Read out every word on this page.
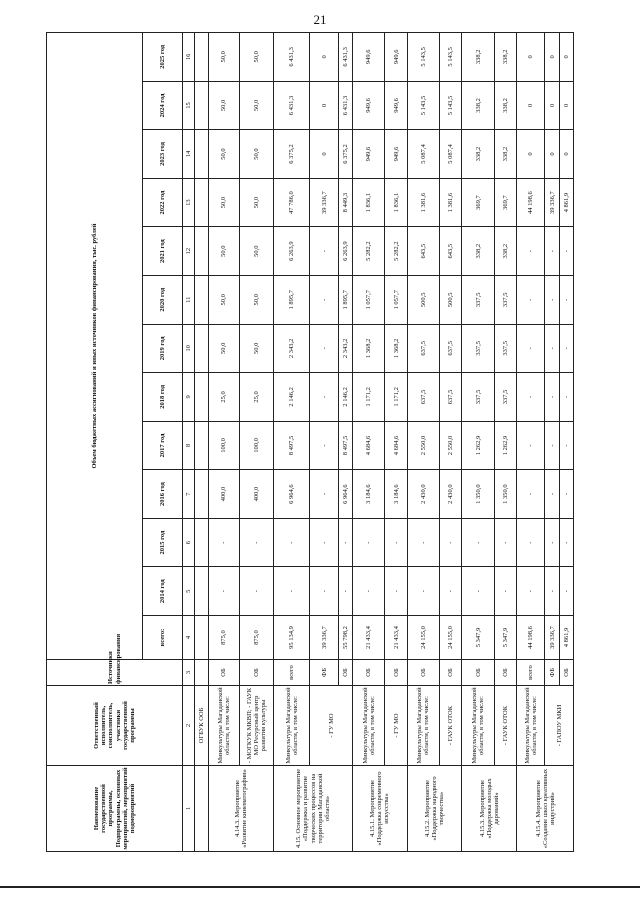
21
Наименование государственной программы, Подпрограммы, основных мероприятий, мероприятий подмероприятий	Ответственный исполнитель, соисполнитель, участники государственной программы	Источники финансирования	Объем бюджетных ассигнований и иных источников финансирования, тыс. рублей												
			всего:	2014 год	2015 год	2016 год	2017 год	2018 год	2019 год	2020 год	2021 год	2022 год	2023 год	2024 год	2025 год
1	2	3	4	5	6	7	8	9	10	11	12	13	14	15	16
	ОГБУК ООБ														
4.14.3. Мероприятие «Развитие кинематографии»	Минкультуры Магаданской области, в том числе:	ОБ	875,0	-	-	400,0	100,0	25,0	50,0	50,0	50,0	50,0	50,0	50,0	50,0
	- МОГКУК МКВП; - ГАУК МО Ресурсный центр развития культуры	ОБ	875,0	-	-	400,0	100,0	25,0	50,0	50,0	50,0	50,0	50,0	50,0	50,0
4.15. Основное мероприятие «Поддержка и развитие творческих процессов на территории Магаданской области»	Минкультуры Магаданской области, в том числе:	всего	95 134,9	-	-	6 964,6	8 497,5	2 146,2	2 343,2	1 895,7	6 263,9	47 786,0	6 375,2	6 431,3	6 431,3
	- ГУ МО	ФБ	39 336,7	-	-	-	-	-	-	-	-	39 336,7	0	0	0
		ОБ	55 798,2	-	-	6 964,6	8 497,5	2 146,2	2 343,2	1 895,7	6 263,9	8 449,3	6 375,2	6 431,3	6 431,3
4.15.1. Мероприятие «Поддержка современного искусства»	Минкультуры Магаданской области, в том числе:	ОБ	21 433,4	-	-	3 184,6	4 684,6	1 171,2	1 368,2	1 057,7	5 282,2	1 836,1	949,6	949,6	949,6
	- ГУ МО	ОБ	21 433,4	-	-	3 184,6	4 684,6	1 171,2	1 368,2	1 057,7	5 282,2	1 836,1	949,6	949,6	949,6
4.15.2. Мероприятие «Поддержка народного творчества»	Минкультуры Магаданской области, в том числе:	ОБ	24 155,0	-	-	2 430,0	2 550,0	637,5	637,5	500,5	643,5	1 381,6	5 087,4	5 143,5	5 143,5
	- ГАУК ОТОК	ОБ	24 155,0	-	-	2 430,0	2 550,0	637,5	637,5	500,5	643,5	1 381,6	5 087,4	5 143,5	5 143,5
4.15.3. Мероприятие «Поддержка молодых дарований»	Минкультуры Магаданской области, в том числе:	ОБ	5 347,9	-	-	1 350,0	1 262,9	337,5	337,5	337,5	338,2	369,7	338,2	338,2	338,2
	- ГАУК ОТОК	ОБ	5 347,9	-	-	1 350,0	1 262,9	337,5	337,5	337,5	338,2	369,7	338,2	338,2	338,2
4.15.4. Мероприятие «Создание школ креативных индустрий»	Минкультуры Магаданской области, в том числе:	всего	44 198,6	-	-	-	-	-	-	-	-	44 198,6	0	0	0
	- ГАПОУ МКИ	ФБ	39 336,7	-	-	-	-	-	-	-	-	39 336,7	0	0	0
		ОБ	4 861,9	-	-	-	-	-	-	-	-	4 861,9	0	0	0
